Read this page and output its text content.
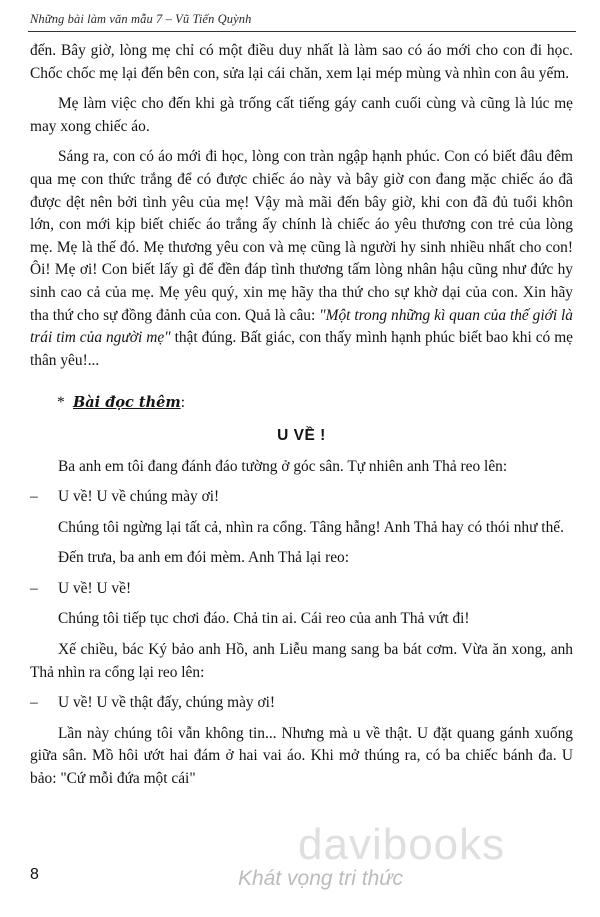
Những bài làm văn mẫu 7 – Vũ Tiến Quỳnh

đến. Bây giờ, lòng mẹ chỉ có một điều duy nhất là làm sao có áo mới cho con đi học. Chốc chốc mẹ lại đến bên con, sửa lại cái chăn, xem lại mép mùng và nhìn con âu yếm.

Mẹ làm việc cho đến khi gà trống cất tiếng gáy canh cuối cùng và cũng là lúc mẹ may xong chiếc áo.

Sáng ra, con có áo mới đi học, lòng con tràn ngập hạnh phúc. Con có biết đâu đêm qua mẹ con thức trắng để có được chiếc áo này và bây giờ con đang mặc chiếc áo đã được dệt nên bởi tình yêu của mẹ! Vậy mà mãi đến bây giờ, khi con đã đủ tuổi khôn lớn, con mới kịp biết chiếc áo trắng ấy chính là chiếc áo yêu thương con trẻ của lòng mẹ. Mẹ là thế đó. Mẹ thương yêu con và mẹ cũng là người hy sinh nhiều nhất cho con! Ôi! Mẹ ơi! Con biết lấy gì để đền đáp tình thương tấm lòng nhân hậu cũng như đức hy sinh cao cả của mẹ. Mẹ yêu quý, xin mẹ hãy tha thứ cho sự khờ dại của con. Xin hãy tha thứ cho sự đồng đảnh của con. Quả là câu: "Một trong những kì quan của thế giới là trái tim của người mẹ" thật đúng. Bất giác, con thấy mình hạnh phúc biết bao khi có mẹ thân yêu!...

* Bài đọc thêm:

U VỀ !

Ba anh em tôi đang đánh đáo tường ở góc sân. Tự nhiên anh Thả reo lên:

– U về! U về chúng mày ơi!

Chúng tôi ngừng lại tất cả, nhìn ra cổng. Tâng hẫng! Anh Thả hay có thói như thế.

Đến trưa, ba anh em đói mèm. Anh Thả lại reo:

– U về! U về!

Chúng tôi tiếp tục chơi đáo. Chả tin ai. Cái reo của anh Thả vứt đi!

Xế chiều, bác Ký bảo anh Hồ, anh Liễu mang sang ba bát cơm. Vừa ăn xong, anh Thả nhìn ra cổng lại reo lên:

– U về! U về thật đấy, chúng mày ơi!

Lần này chúng tôi vẫn không tin... Nhưng mà u về thật. U đặt quang gánh xuống giữa sân. Mồ hôi ướt hai đám ở hai vai áo. Khi mở thúng ra, có ba chiếc bánh đa. U bảo: "Cứ mỗi đứa một cái"

davibooks
Khát vọng tri thức
8
